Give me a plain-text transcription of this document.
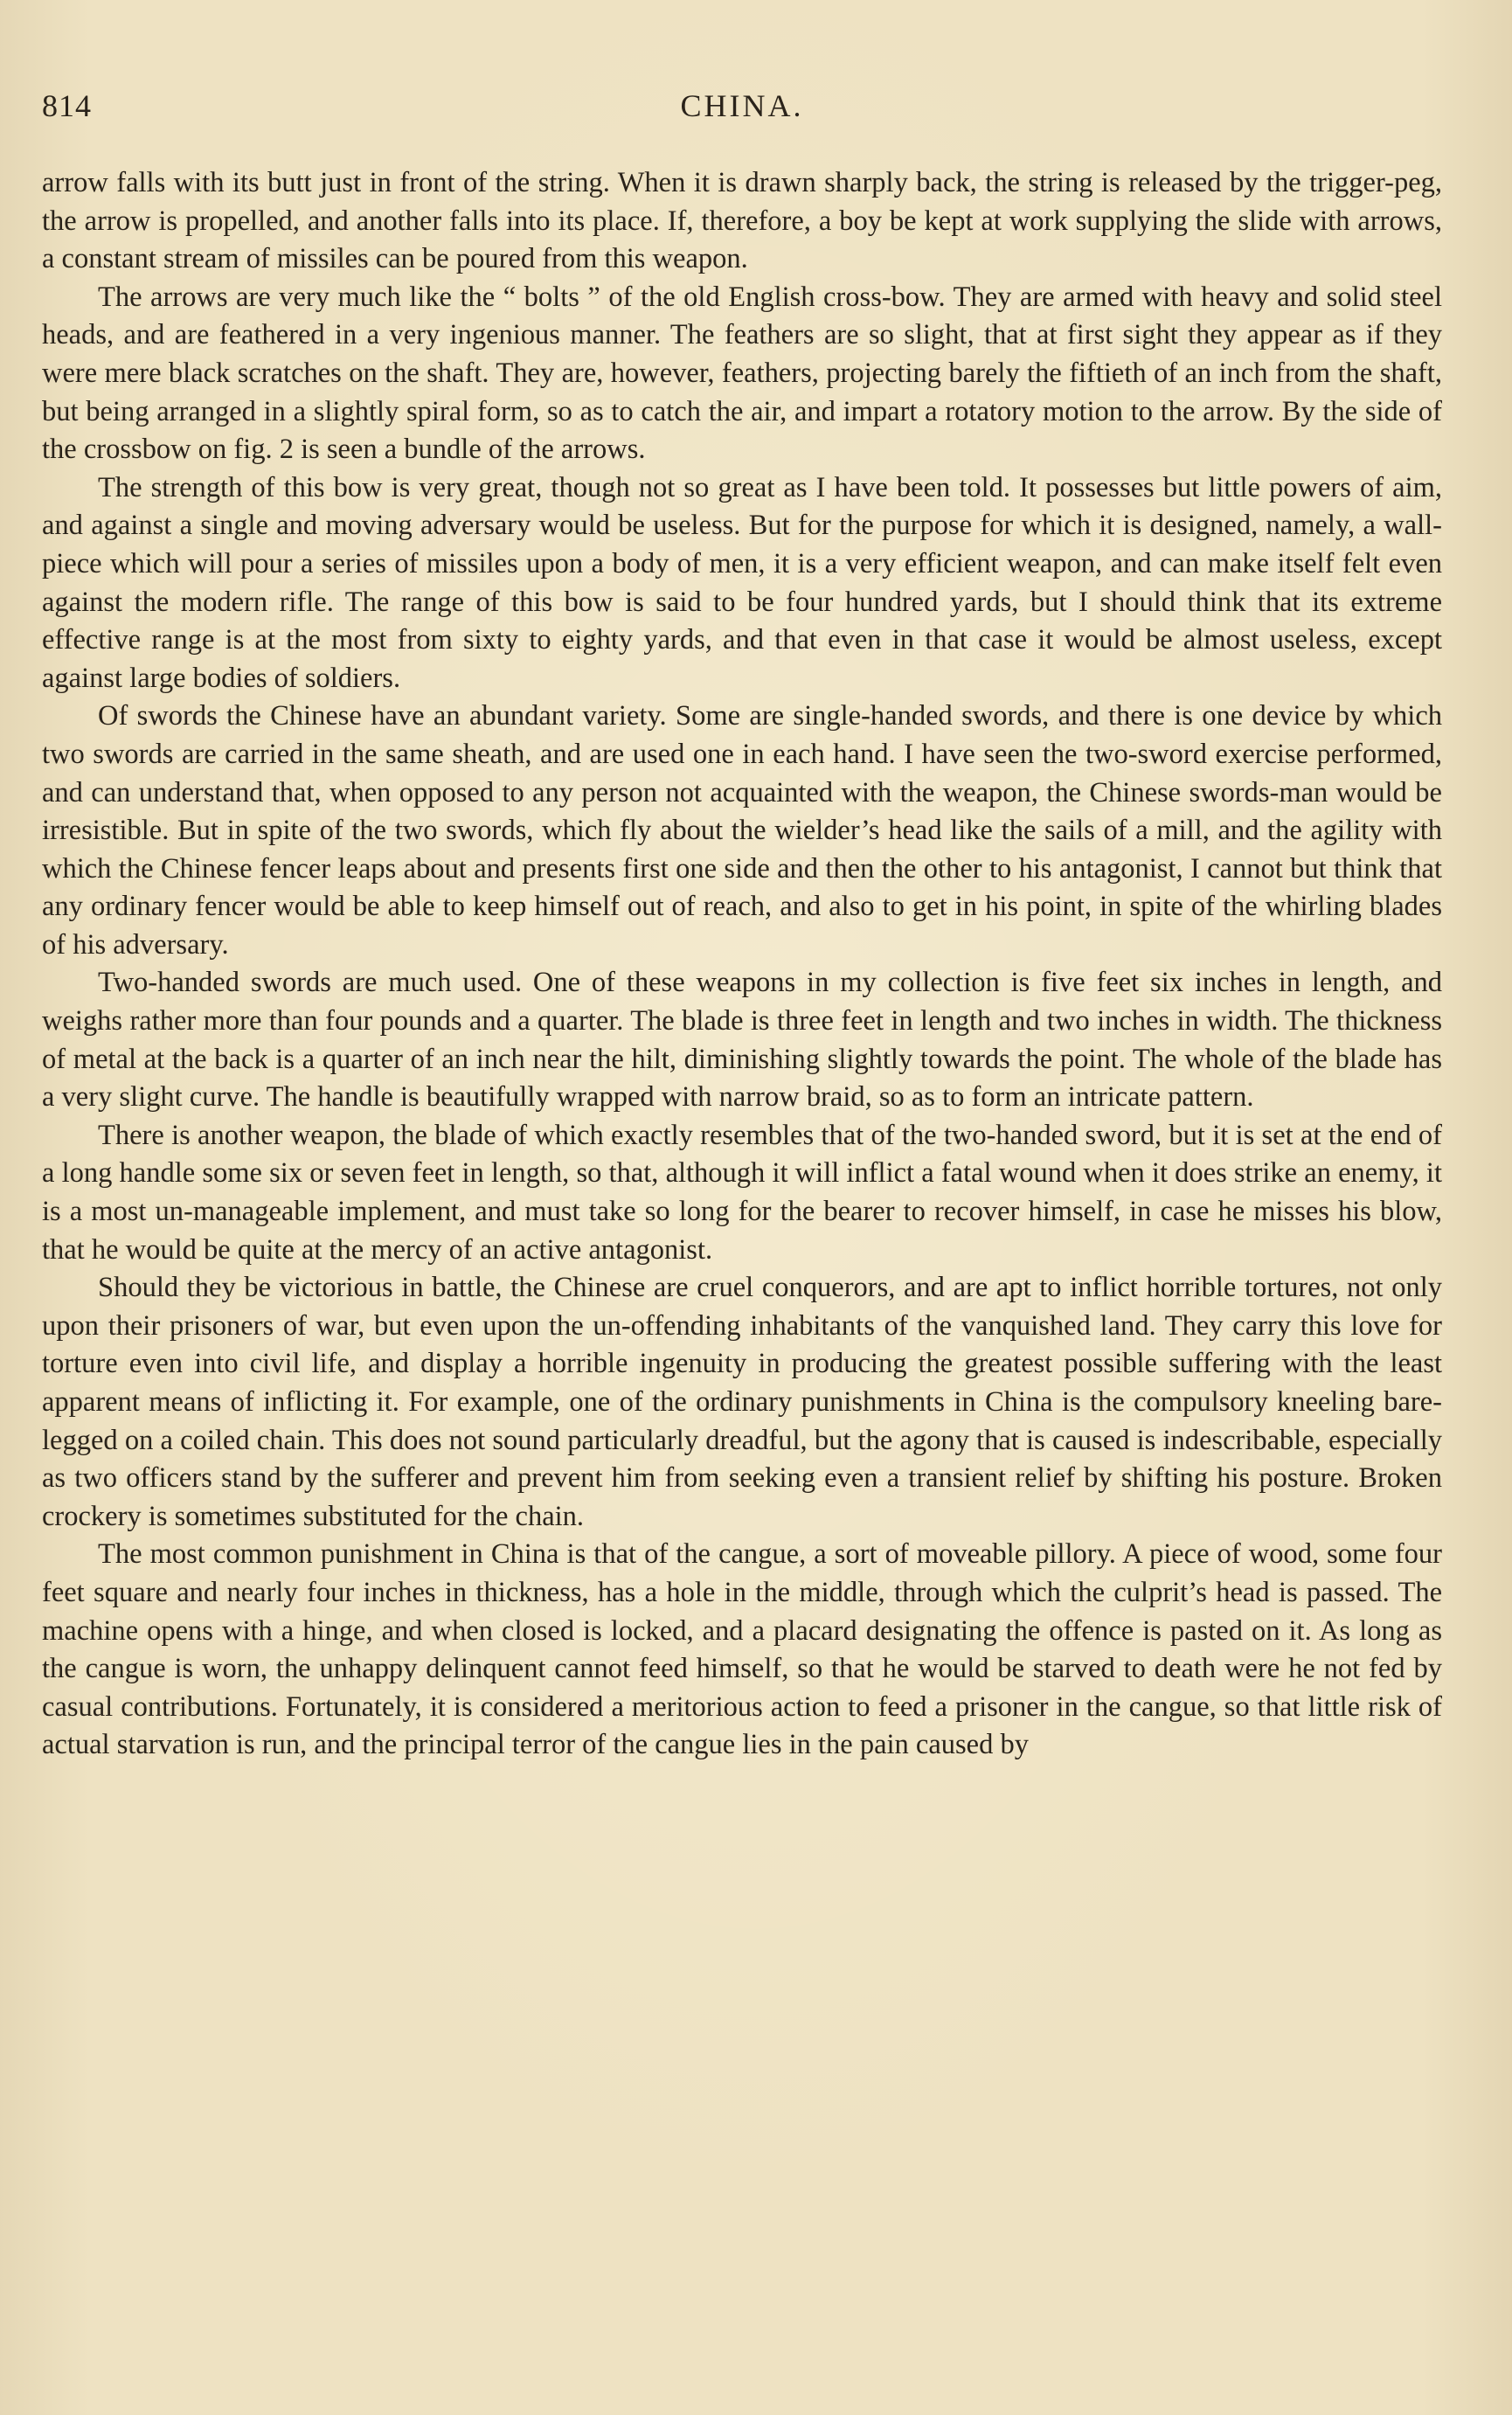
814	CHINA.

arrow falls with its butt just in front of the string. When it is drawn sharply back, the string is released by the trigger-peg, the arrow is propelled, and another falls into its place. If, therefore, a boy be kept at work supplying the slide with arrows, a constant stream of missiles can be poured from this weapon.

The arrows are very much like the “ bolts ” of the old English cross-bow. They are armed with heavy and solid steel heads, and are feathered in a very ingenious manner. The feathers are so slight, that at first sight they appear as if they were mere black scratches on the shaft. They are, however, feathers, projecting barely the fiftieth of an inch from the shaft, but being arranged in a slightly spiral form, so as to catch the air, and impart a rotatory motion to the arrow. By the side of the crossbow on fig. 2 is seen a bundle of the arrows.

The strength of this bow is very great, though not so great as I have been told. It possesses but little powers of aim, and against a single and moving adversary would be useless. But for the purpose for which it is designed, namely, a wall-piece which will pour a series of missiles upon a body of men, it is a very efficient weapon, and can make itself felt even against the modern rifle. The range of this bow is said to be four hundred yards, but I should think that its extreme effective range is at the most from sixty to eighty yards, and that even in that case it would be almost useless, except against large bodies of soldiers.

Of swords the Chinese have an abundant variety. Some are single-handed swords, and there is one device by which two swords are carried in the same sheath, and are used one in each hand. I have seen the two-sword exercise performed, and can understand that, when opposed to any person not acquainted with the weapon, the Chinese swords-man would be irresistible. But in spite of the two swords, which fly about the wielder’s head like the sails of a mill, and the agility with which the Chinese fencer leaps about and presents first one side and then the other to his antagonist, I cannot but think that any ordinary fencer would be able to keep himself out of reach, and also to get in his point, in spite of the whirling blades of his adversary.

Two-handed swords are much used. One of these weapons in my collection is five feet six inches in length, and weighs rather more than four pounds and a quarter. The blade is three feet in length and two inches in width. The thickness of metal at the back is a quarter of an inch near the hilt, diminishing slightly towards the point. The whole of the blade has a very slight curve. The handle is beautifully wrapped with narrow braid, so as to form an intricate pattern.

There is another weapon, the blade of which exactly resembles that of the two-handed sword, but it is set at the end of a long handle some six or seven feet in length, so that, although it will inflict a fatal wound when it does strike an enemy, it is a most un-manageable implement, and must take so long for the bearer to recover himself, in case he misses his blow, that he would be quite at the mercy of an active antagonist.

Should they be victorious in battle, the Chinese are cruel conquerors, and are apt to inflict horrible tortures, not only upon their prisoners of war, but even upon the un-offending inhabitants of the vanquished land. They carry this love for torture even into civil life, and display a horrible ingenuity in producing the greatest possible suffering with the least apparent means of inflicting it. For example, one of the ordinary punishments in China is the compulsory kneeling bare-legged on a coiled chain. This does not sound particularly dreadful, but the agony that is caused is indescribable, especially as two officers stand by the sufferer and prevent him from seeking even a transient relief by shifting his posture. Broken crockery is sometimes substituted for the chain.

The most common punishment in China is that of the cangue, a sort of moveable pillory. A piece of wood, some four feet square and nearly four inches in thickness, has a hole in the middle, through which the culprit’s head is passed. The machine opens with a hinge, and when closed is locked, and a placard designating the offence is pasted on it. As long as the cangue is worn, the unhappy delinquent cannot feed himself, so that he would be starved to death were he not fed by casual contributions. Fortunately, it is considered a meritorious action to feed a prisoner in the cangue, so that little risk of actual starvation is run, and the principal terror of the cangue lies in the pain caused by
